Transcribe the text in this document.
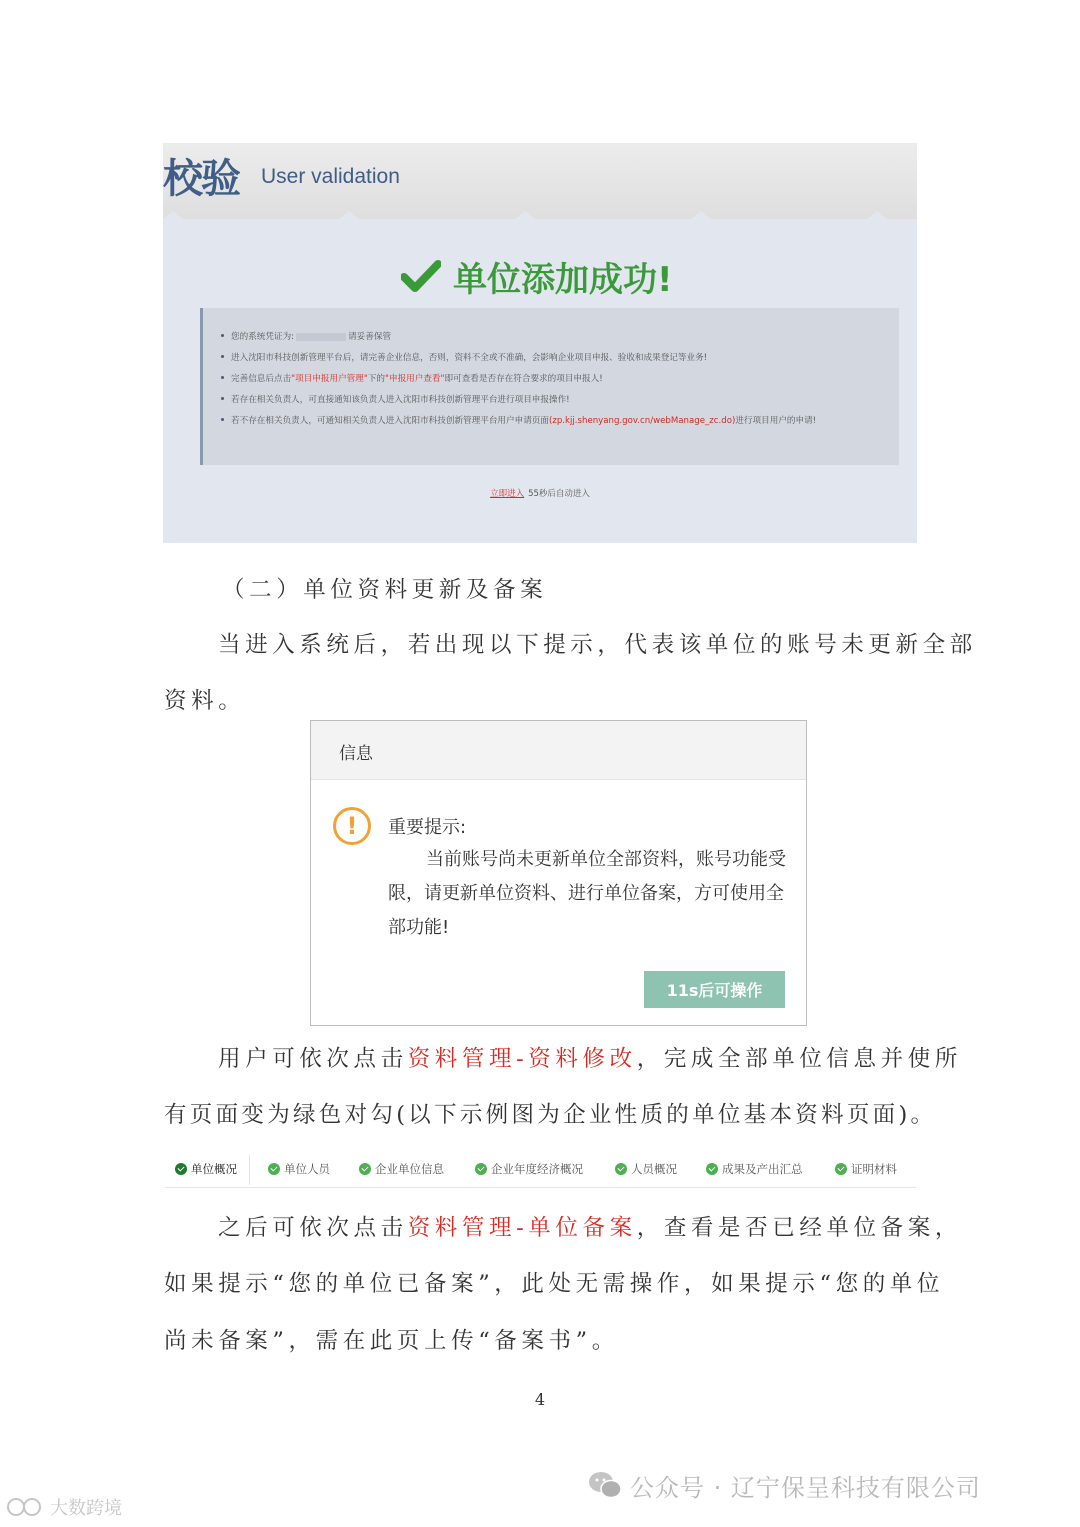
校验 User validation
单位添加成功!
您的系统凭证为:	请妥善保管
进入沈阳市科技创新管理平台后，请完善企业信息，否则，资料不全或不准确，会影响企业项目申报、验收和成果登记等业务!
完善信息后点击"项目申报用户管理"下的"申报用户查看"即可查看是否存在符合要求的项目申报人!
若存在相关负责人，可直接通知该负责人进入沈阳市科技创新管理平台进行项目申报操作!
若不存在相关负责人，可通知相关负责人进入沈阳市科技创新管理平台用户申请页面(zp.kjj.shenyang.gov.cn/webManage_zc.do)进行项目用户的申请!
立即进入 55秒后自动进入
（二）单位资料更新及备案
当进入系统后，若出现以下提示，代表该单位的账号未更新全部
资料。
信息
!	重要提示:
当前账号尚未更新单位全部资料，账号功能受限，请更新单位资料、进行单位备案，方可使用全部功能!
11s后可操作
用户可依次点击资料管理-资料修改，完成全部单位信息并使所
有页面变为绿色对勾(以下示例图为企业性质的单位基本资料页面)。
单位概况	单位人员	企业单位信息	企业年度经济概况	人员概况	成果及产出汇总	证明材料
之后可依次点击资料管理-单位备案，查看是否已经单位备案，
如果提示“您的单位已备案”，此处无需操作，如果提示“您的单位
尚未备案”，需在此页上传“备案书”。
4
公众号 · 辽宁保呈科技有限公司
大数跨境
